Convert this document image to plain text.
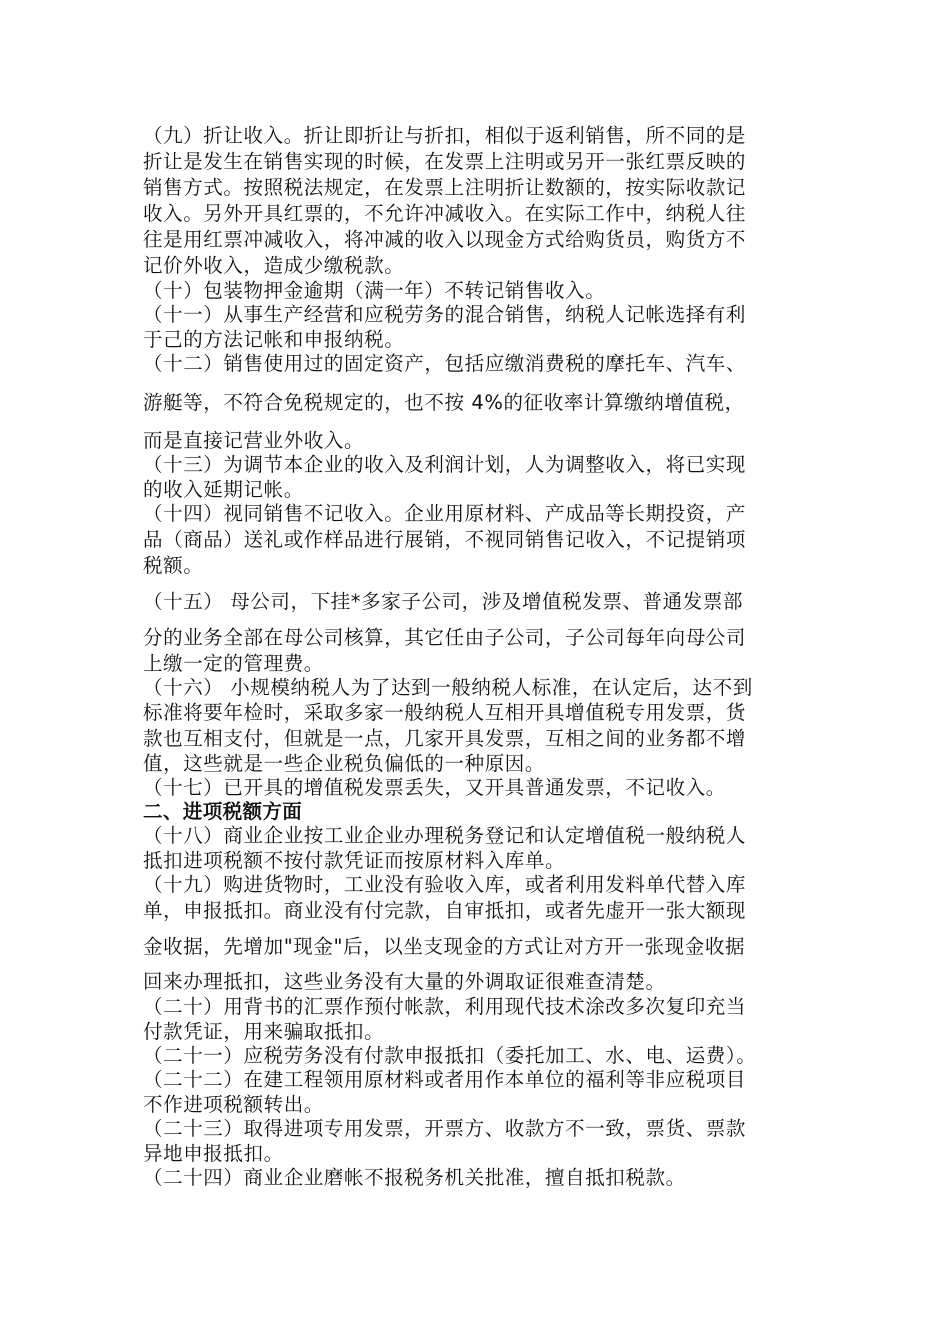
（九）折让收入。折让即折让与折扣，相似于返利销售，所不同的是

折让是发生在销售实现的时候，在发票上注明或另开一张红票反映的

销售方式。按照税法规定，在发票上注明折让数额的，按实际收款记

收入。另外开具红票的，不允许冲减收入。在实际工作中，纳税人往

往是用红票冲减收入，将冲减的收入以现金方式给购货员，购货方不

记价外收入，造成少缴税款。

（十）包装物押金逾期（满一年）不转记销售收入。

（十一）从事生产经营和应税劳务的混合销售，纳税人记帐选择有利

于己的方法记帐和申报纳税。

（十二）销售使用过的固定资产，包括应缴消费税的摩托车、汽车、

游艇等，不符合免税规定的，也不按 4%的征收率计算缴纳增值税，

而是直接记营业外收入。

（十三）为调节本企业的收入及利润计划，人为调整收入，将已实现

的收入延期记帐。

（十四）视同销售不记收入。企业用原材料、产成品等长期投资，产

品（商品）送礼或作样品进行展销，不视同销售记收入，不记提销项

税额。

（十五） 母公司，下挂*多家子公司，涉及增值税发票、普通发票部

分的业务全部在母公司核算，其它任由子公司，子公司每年向母公司

上缴一定的管理费。

（十六） 小规模纳税人为了达到一般纳税人标准，在认定后，达不到

标准将要年检时，采取多家一般纳税人互相开具增值税专用发票，货

款也互相支付，但就是一点，几家开具发票，互相之间的业务都不增

值，这些就是一些企业税负偏低的一种原因。

（十七）已开具的增值税发票丢失，又开具普通发票，不记收入。

二、进项税额方面

（十八）商业企业按工业企业办理税务登记和认定增值税一般纳税人

抵扣进项税额不按付款凭证而按原材料入库单。

（十九）购进货物时，工业没有验收入库，或者利用发料单代替入库

单，申报抵扣。商业没有付完款，自审抵扣，或者先虚开一张大额现

金收据，先增加"现金"后，以坐支现金的方式让对方开一张现金收据

回来办理抵扣，这些业务没有大量的外调取证很难查清楚。

（二十）用背书的汇票作预付帐款，利用现代技术涂改多次复印充当

付款凭证，用来骗取抵扣。

（二十一）应税劳务没有付款申报抵扣（委托加工、水、电、运费）。

（二十二）在建工程领用原材料或者用作本单位的福利等非应税项目

不作进项税额转出。

（二十三）取得进项专用发票，开票方、收款方不一致，票货、票款

异地申报抵扣。

（二十四）商业企业磨帐不报税务机关批准，擅自抵扣税款。
